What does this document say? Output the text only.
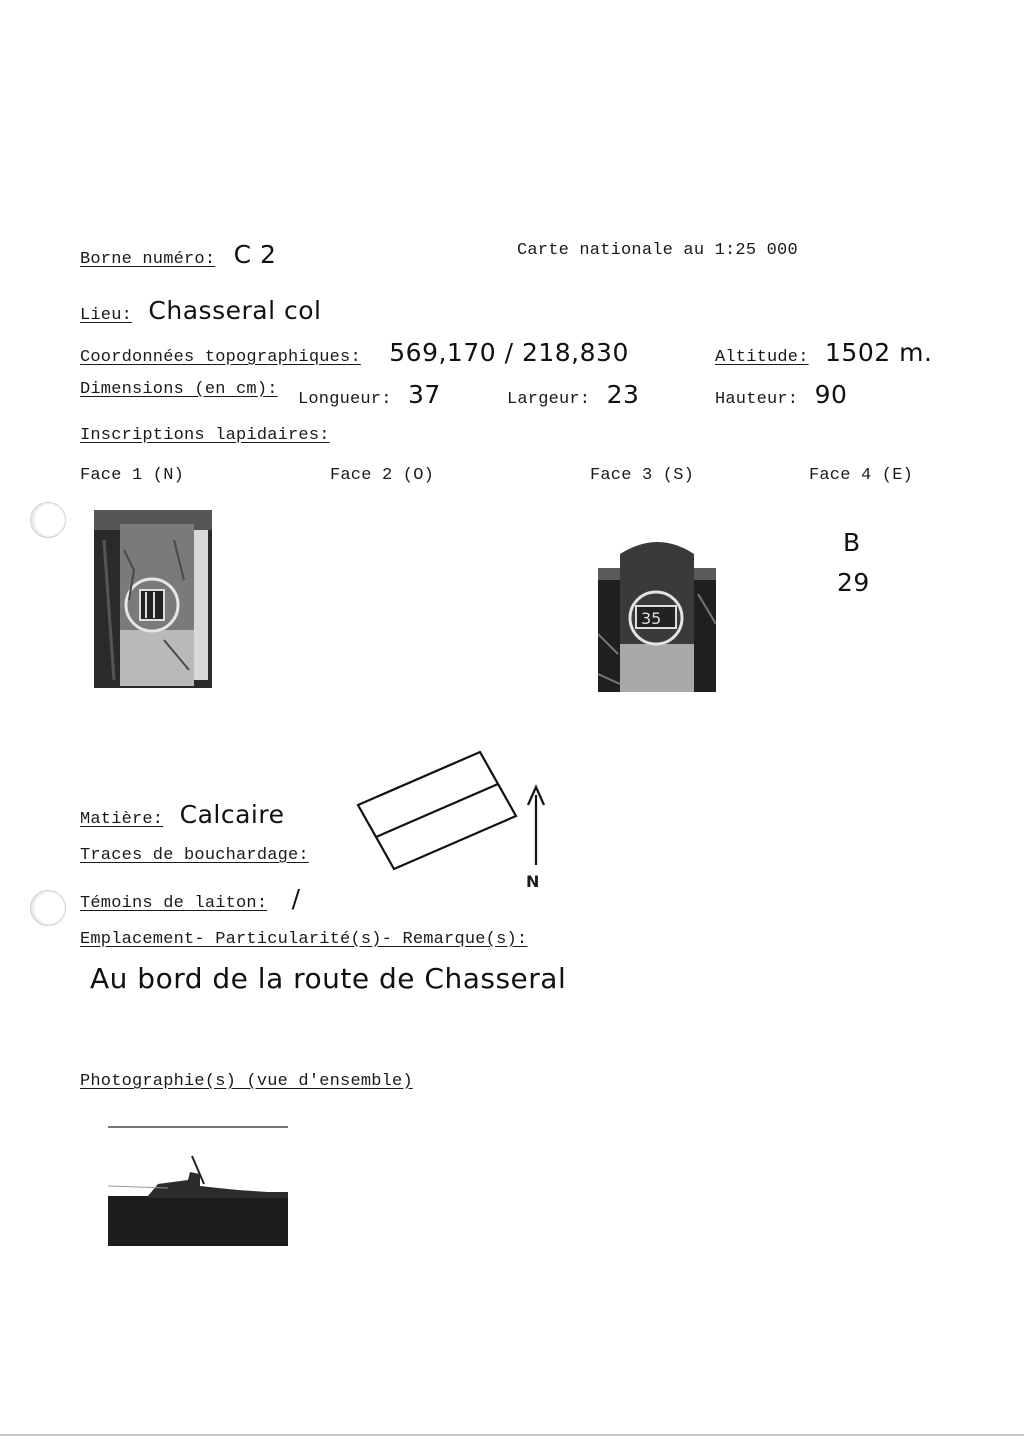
Borne numéro: C 2	Carte nationale au 1:25 000
Lieu: Chasseral col
Coordonnées topographiques: 569,170 / 218,830	Altitude: 1502 m.
Dimensions (en cm):
Longueur: 37	Largeur: 23	Hauteur: 90
Inscriptions lapidaires:
Face 1 (N)	Face 2 (O)	Face 3 (S)	Face 4 (E)
35
B
29
N
Matière: Calcaire
Traces de bouchardage:
Témoins de laiton: /
Emplacement- Particularité(s)- Remarque(s):
Au bord de la route de Chasseral
Photographie(s) (vue d'ensemble)
